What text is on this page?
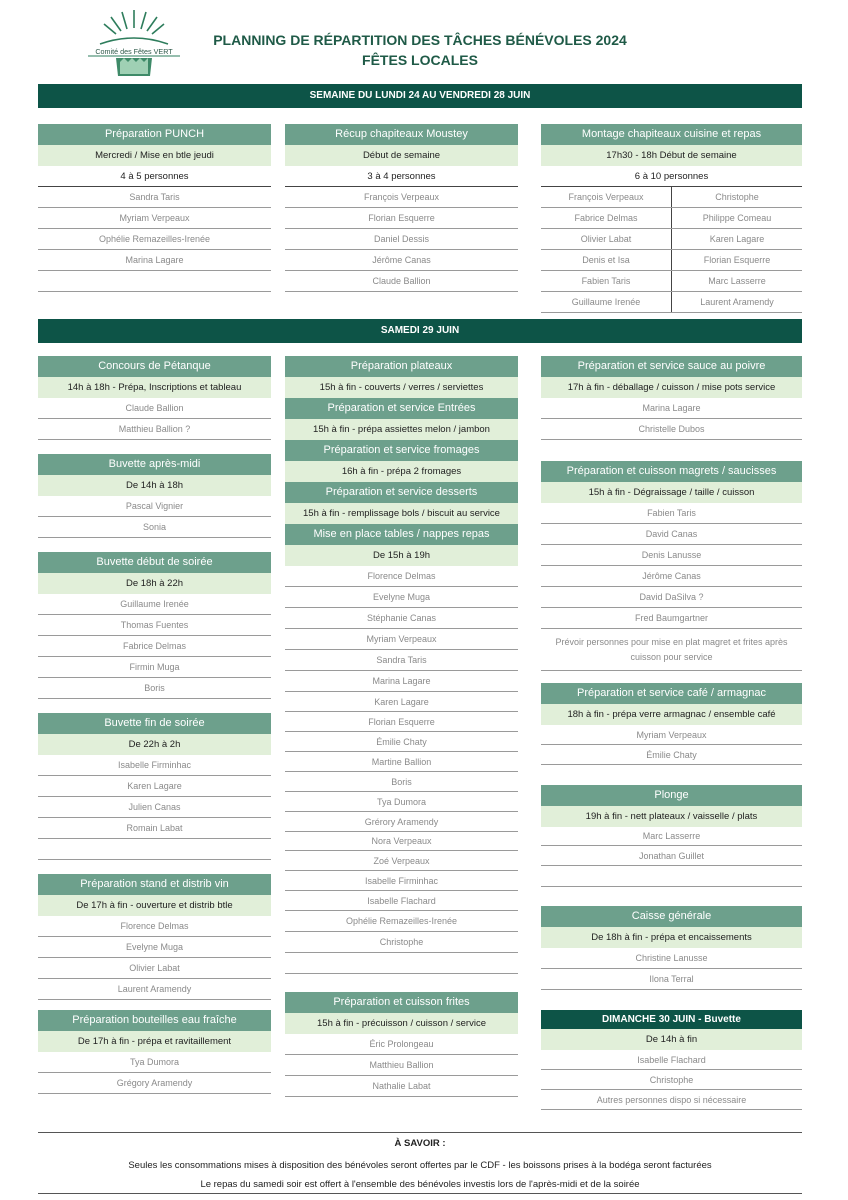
Comité des Fêtes VERT
PLANNING DE RÉPARTITION DES TÂCHES BÉNÉVOLES 2024
FÊTES LOCALES
SEMAINE DU LUNDI 24 AU VENDREDI 28 JUIN
Préparation PUNCH
Mercredi / Mise en btle jeudi
4 à 5 personnes
Sandra Taris
Myriam Verpeaux
Ophélie Remazeilles-Irenée
Marina Lagare
Récup chapiteaux Moustey
Début de semaine
3 à 4 personnes
François Verpeaux
Florian Esquerre
Daniel Dessis
Jérôme Canas
Claude Ballion
Montage chapiteaux cuisine et repas
17h30 - 18h Début de semaine
6 à 10 personnes
François Verpeaux	Christophe
Fabrice Delmas	Philippe Comeau
Olivier Labat	Karen Lagare
Denis et Isa	Florian Esquerre
Fabien Taris	Marc Lasserre
Guillaume Irenée	Laurent Aramendy
SAMEDI 29 JUIN
Concours de Pétanque
14h à 18h - Prépa, Inscriptions et tableau
Claude Ballion
Matthieu Ballion ?
Buvette après-midi
De 14h à 18h
Pascal Vignier
Sonia
Buvette début de soirée
De 18h à 22h
Guillaume Irenée
Thomas Fuentes
Fabrice Delmas
Firmin Muga
Boris
Buvette fin de soirée
De 22h à 2h
Isabelle Firminhac
Karen Lagare
Julien Canas
Romain Labat
Préparation stand et distrib vin
De 17h à fin - ouverture et distrib btle
Florence Delmas
Evelyne Muga
Olivier Labat
Laurent Aramendy
Préparation bouteilles eau fraîche
De 17h à fin - prépa et ravitaillement
Tya Dumora
Grégory Aramendy
Préparation plateaux
15h à fin - couverts / verres / serviettes
Préparation et service Entrées
15h à fin - prépa assiettes melon / jambon
Préparation et service fromages
16h à fin - prépa 2 fromages
Préparation et service desserts
15h à fin - remplissage bols / biscuit au service
Mise en place tables / nappes repas
De 15h à 19h
Florence Delmas
Evelyne Muga
Stéphanie Canas
Myriam Verpeaux
Sandra Taris
Marina Lagare
Karen Lagare
Florian Esquerre
Émilie Chaty
Martine Ballion
Boris
Tya Dumora
Grérory Aramendy
Nora Verpeaux
Zoé Verpeaux
Isabelle Firminhac
Isabelle Flachard
Ophélie Remazeilles-Irenée
Christophe
Préparation et cuisson frites
15h à fin - précuisson / cuisson / service
Éric Prolongeau
Matthieu Ballion
Nathalie Labat
Préparation et service sauce au poivre
17h à fin - déballage / cuisson / mise pots service
Marina Lagare
Christelle Dubos
Préparation et cuisson magrets / saucisses
15h à fin - Dégraissage / taille / cuisson
Fabien Taris
David Canas
Denis Lanusse
Jérôme Canas
David DaSilva ?
Fred Baumgartner
Prévoir personnes pour mise en plat magret et frites après cuisson pour service
Préparation et service café / armagnac
18h à fin - prépa verre armagnac / ensemble café
Myriam Verpeaux
Émilie Chaty
Plonge
19h à fin - nett plateaux / vaisselle / plats
Marc Lasserre
Jonathan Guillet
Caisse générale
De 18h à fin - prépa et encaissements
Christine Lanusse
Ilona Terral
DIMANCHE 30 JUIN - Buvette
De 14h à fin
Isabelle Flachard
Christophe
Autres personnes dispo si nécessaire
À SAVOIR :
Seules les consommations mises à disposition des bénévoles seront offertes par le CDF - les boissons prises à la bodéga seront facturées
Le repas du samedi soir est offert à l'ensemble des bénévoles investis lors de l'après-midi et de la soirée
